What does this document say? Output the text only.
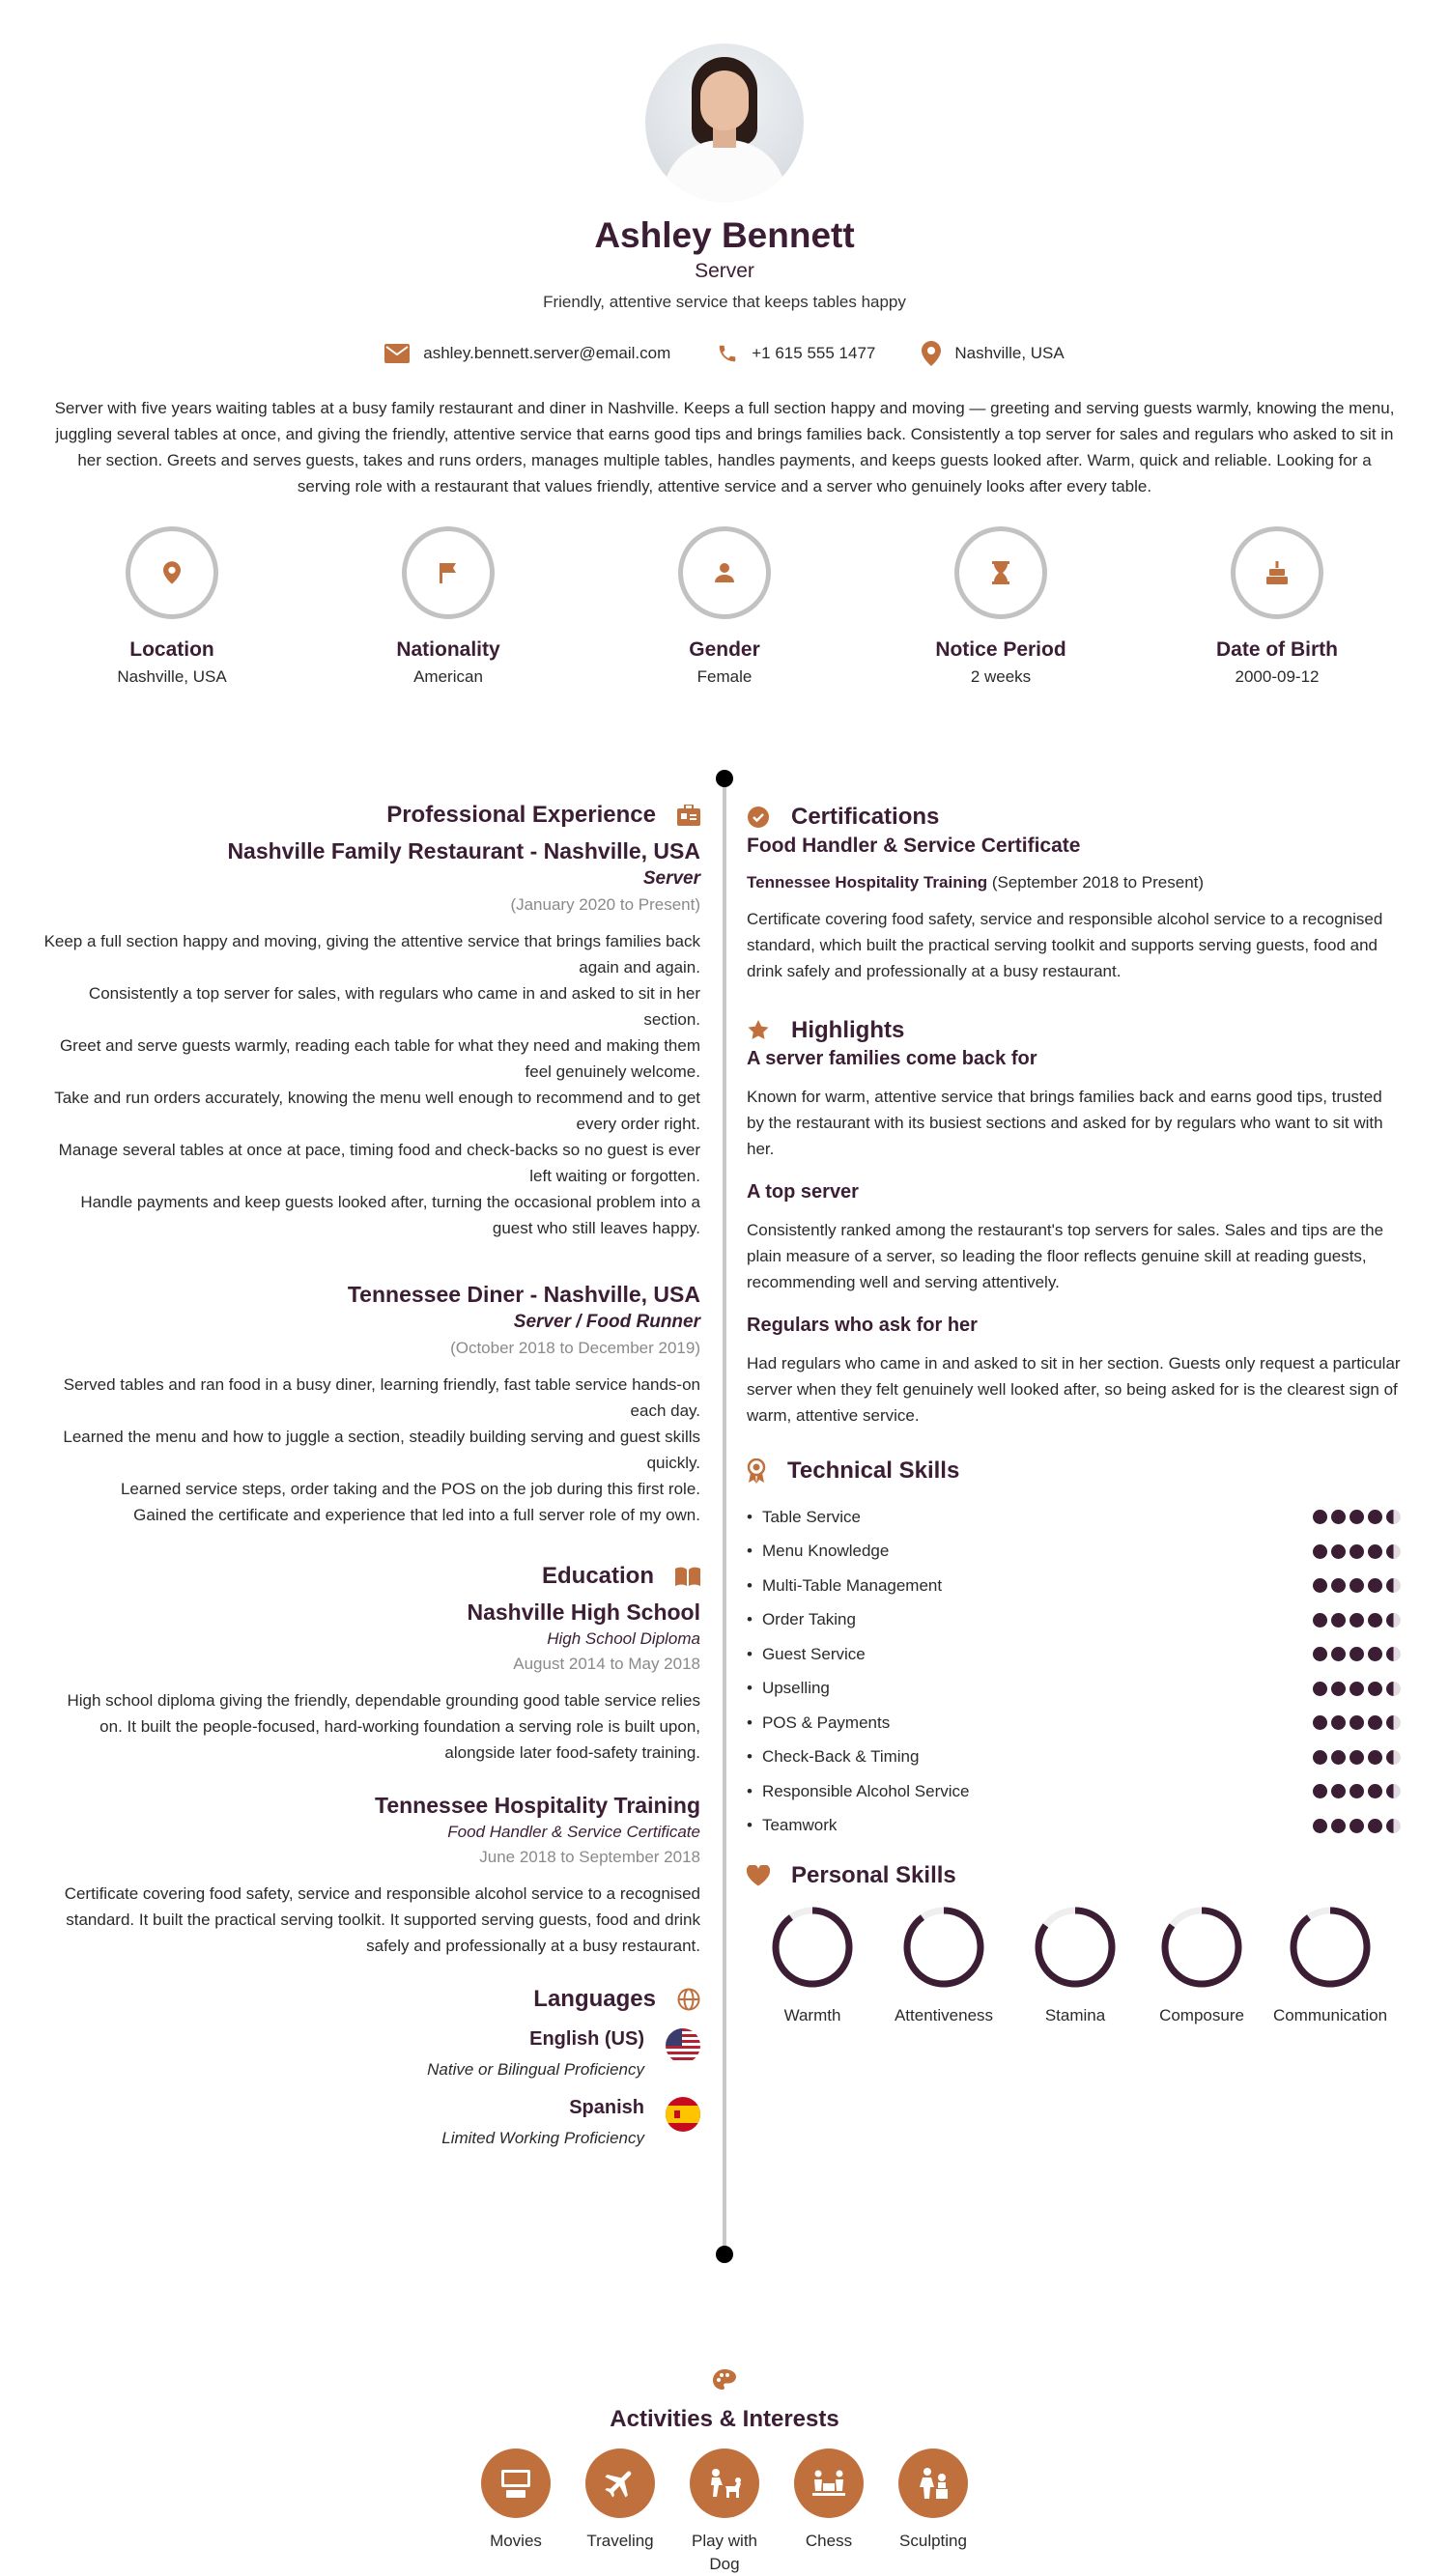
Ashley Bennett
Server
Friendly, attentive service that keeps tables happy
ashley.bennett.server@email.com	+1 615 555 1477	Nashville, USA
Server with five years waiting tables at a busy family restaurant and diner in Nashville. Keeps a full section happy and moving — greeting and serving guests warmly, knowing the menu, juggling several tables at once, and giving the friendly, attentive service that earns good tips and brings families back. Consistently a top server for sales and regulars who asked to sit in her section. Greets and serves guests, takes and runs orders, manages multiple tables, handles payments, and keeps guests looked after. Warm, quick and reliable. Looking for a serving role with a restaurant that values friendly, attentive service and a server who genuinely looks after every table.
Location
Nashville, USA
Nationality
American
Gender
Female
Notice Period
2 weeks
Date of Birth
2000-09-12
Professional Experience
Nashville Family Restaurant - Nashville, USA
Server
(January 2020 to Present)

Keep a full section happy and moving, giving the attentive service that brings families back again and again.

Consistently a top server for sales, with regulars who came in and asked to sit in her section.

Greet and serve guests warmly, reading each table for what they need and making them feel genuinely welcome.

Take and run orders accurately, knowing the menu well enough to recommend and to get every order right.

Manage several tables at once at pace, timing food and check-backs so no guest is ever left waiting or forgotten.

Handle payments and keep guests looked after, turning the occasional problem into a guest who still leaves happy.

Tennessee Diner - Nashville, USA
Server / Food Runner
(October 2018 to December 2019)

Served tables and ran food in a busy diner, learning friendly, fast table service hands-on each day.

Learned the menu and how to juggle a section, steadily building serving and guest skills quickly.

Learned service steps, order taking and the POS on the job during this first role.

Gained the certificate and experience that led into a full server role of my own.

Education
Nashville High School
High School Diploma
August 2014 to May 2018
High school diploma giving the friendly, dependable grounding good table service relies on. It built the people-focused, hard-working foundation a serving role is built upon, alongside later food-safety training.
Tennessee Hospitality Training
Food Handler & Service Certificate
June 2018 to September 2018
Certificate covering food safety, service and responsible alcohol service to a recognised standard. It built the practical serving toolkit. It supported serving guests, food and drink safely and professionally at a busy restaurant.
Languages
English (US)
Native or Bilingual Proficiency
Spanish
Limited Working Proficiency
Certifications
Food Handler & Service Certificate
Tennessee Hospitality Training (September 2018 to Present)
Certificate covering food safety, service and responsible alcohol service to a recognised standard, which built the practical serving toolkit and supports serving guests, food and drink safely and professionally at a busy restaurant.
Highlights
A server families come back for
Known for warm, attentive service that brings families back and earns good tips, trusted by the restaurant with its busiest sections and asked for by regulars who want to sit with her.
A top server
Consistently ranked among the restaurant's top servers for sales. Sales and tips are the plain measure of a server, so leading the floor reflects genuine skill at reading guests, recommending well and serving attentively.
Regulars who ask for her
Had regulars who came in and asked to sit in her section. Guests only request a particular server when they felt genuinely well looked after, so being asked for is the clearest sign of warm, attentive service.
Technical Skills
• Table Service
• Menu Knowledge
• Multi-Table Management
• Order Taking
• Guest Service
• Upselling
• POS & Payments
• Check-Back & Timing
• Responsible Alcohol Service
• Teamwork
Personal Skills
Warmth	Attentiveness	Stamina	Composure	Communication
Activities & Interests
Movies	Traveling Play with Dog
Chess	Sculpting
